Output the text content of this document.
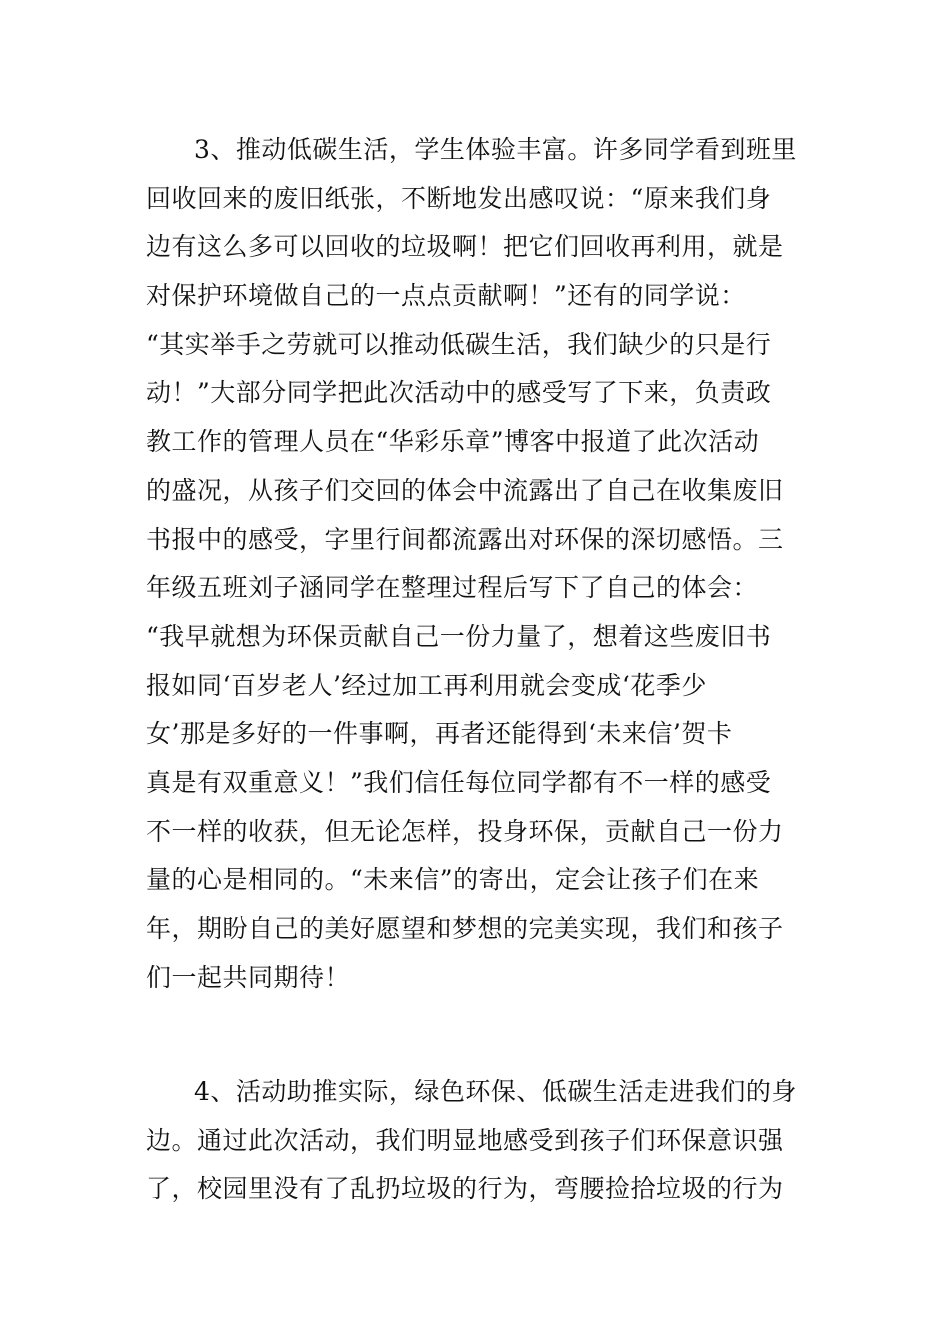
3、推动低碳生活，学生体验丰富。许多同学看到班里
回收回来的废旧纸张，不断地发出感叹说：“原来我们身
边有这么多可以回收的垃圾啊！把它们回收再利用，就是
对保护环境做自己的一点点贡献啊！”还有的同学说：
“其实举手之劳就可以推动低碳生活，我们缺少的只是行
动！”大部分同学把此次活动中的感受写了下来，负责政
教工作的管理人员在“华彩乐章”博客中报道了此次活动
的盛况，从孩子们交回的体会中流露出了自己在收集废旧
书报中的感受，字里行间都流露出对环保的深切感悟。三
年级五班刘子涵同学在整理过程后写下了自己的体会：
“我早就想为环保贡献自己一份力量了，想着这些废旧书
报如同‘百岁老人’经过加工再利用就会变成‘花季少
女’那是多好的一件事啊，再者还能得到‘未来信’贺卡
真是有双重意义！”我们信任每位同学都有不一样的感受
不一样的收获，但无论怎样，投身环保，贡献自己一份力
量的心是相同的。“未来信”的寄出，定会让孩子们在来
年，期盼自己的美好愿望和梦想的完美实现，我们和孩子
们一起共同期待！
4、活动助推实际，绿色环保、低碳生活走进我们的身
边。通过此次活动，我们明显地感受到孩子们环保意识强
了，校园里没有了乱扔垃圾的行为，弯腰捡拾垃圾的行为
